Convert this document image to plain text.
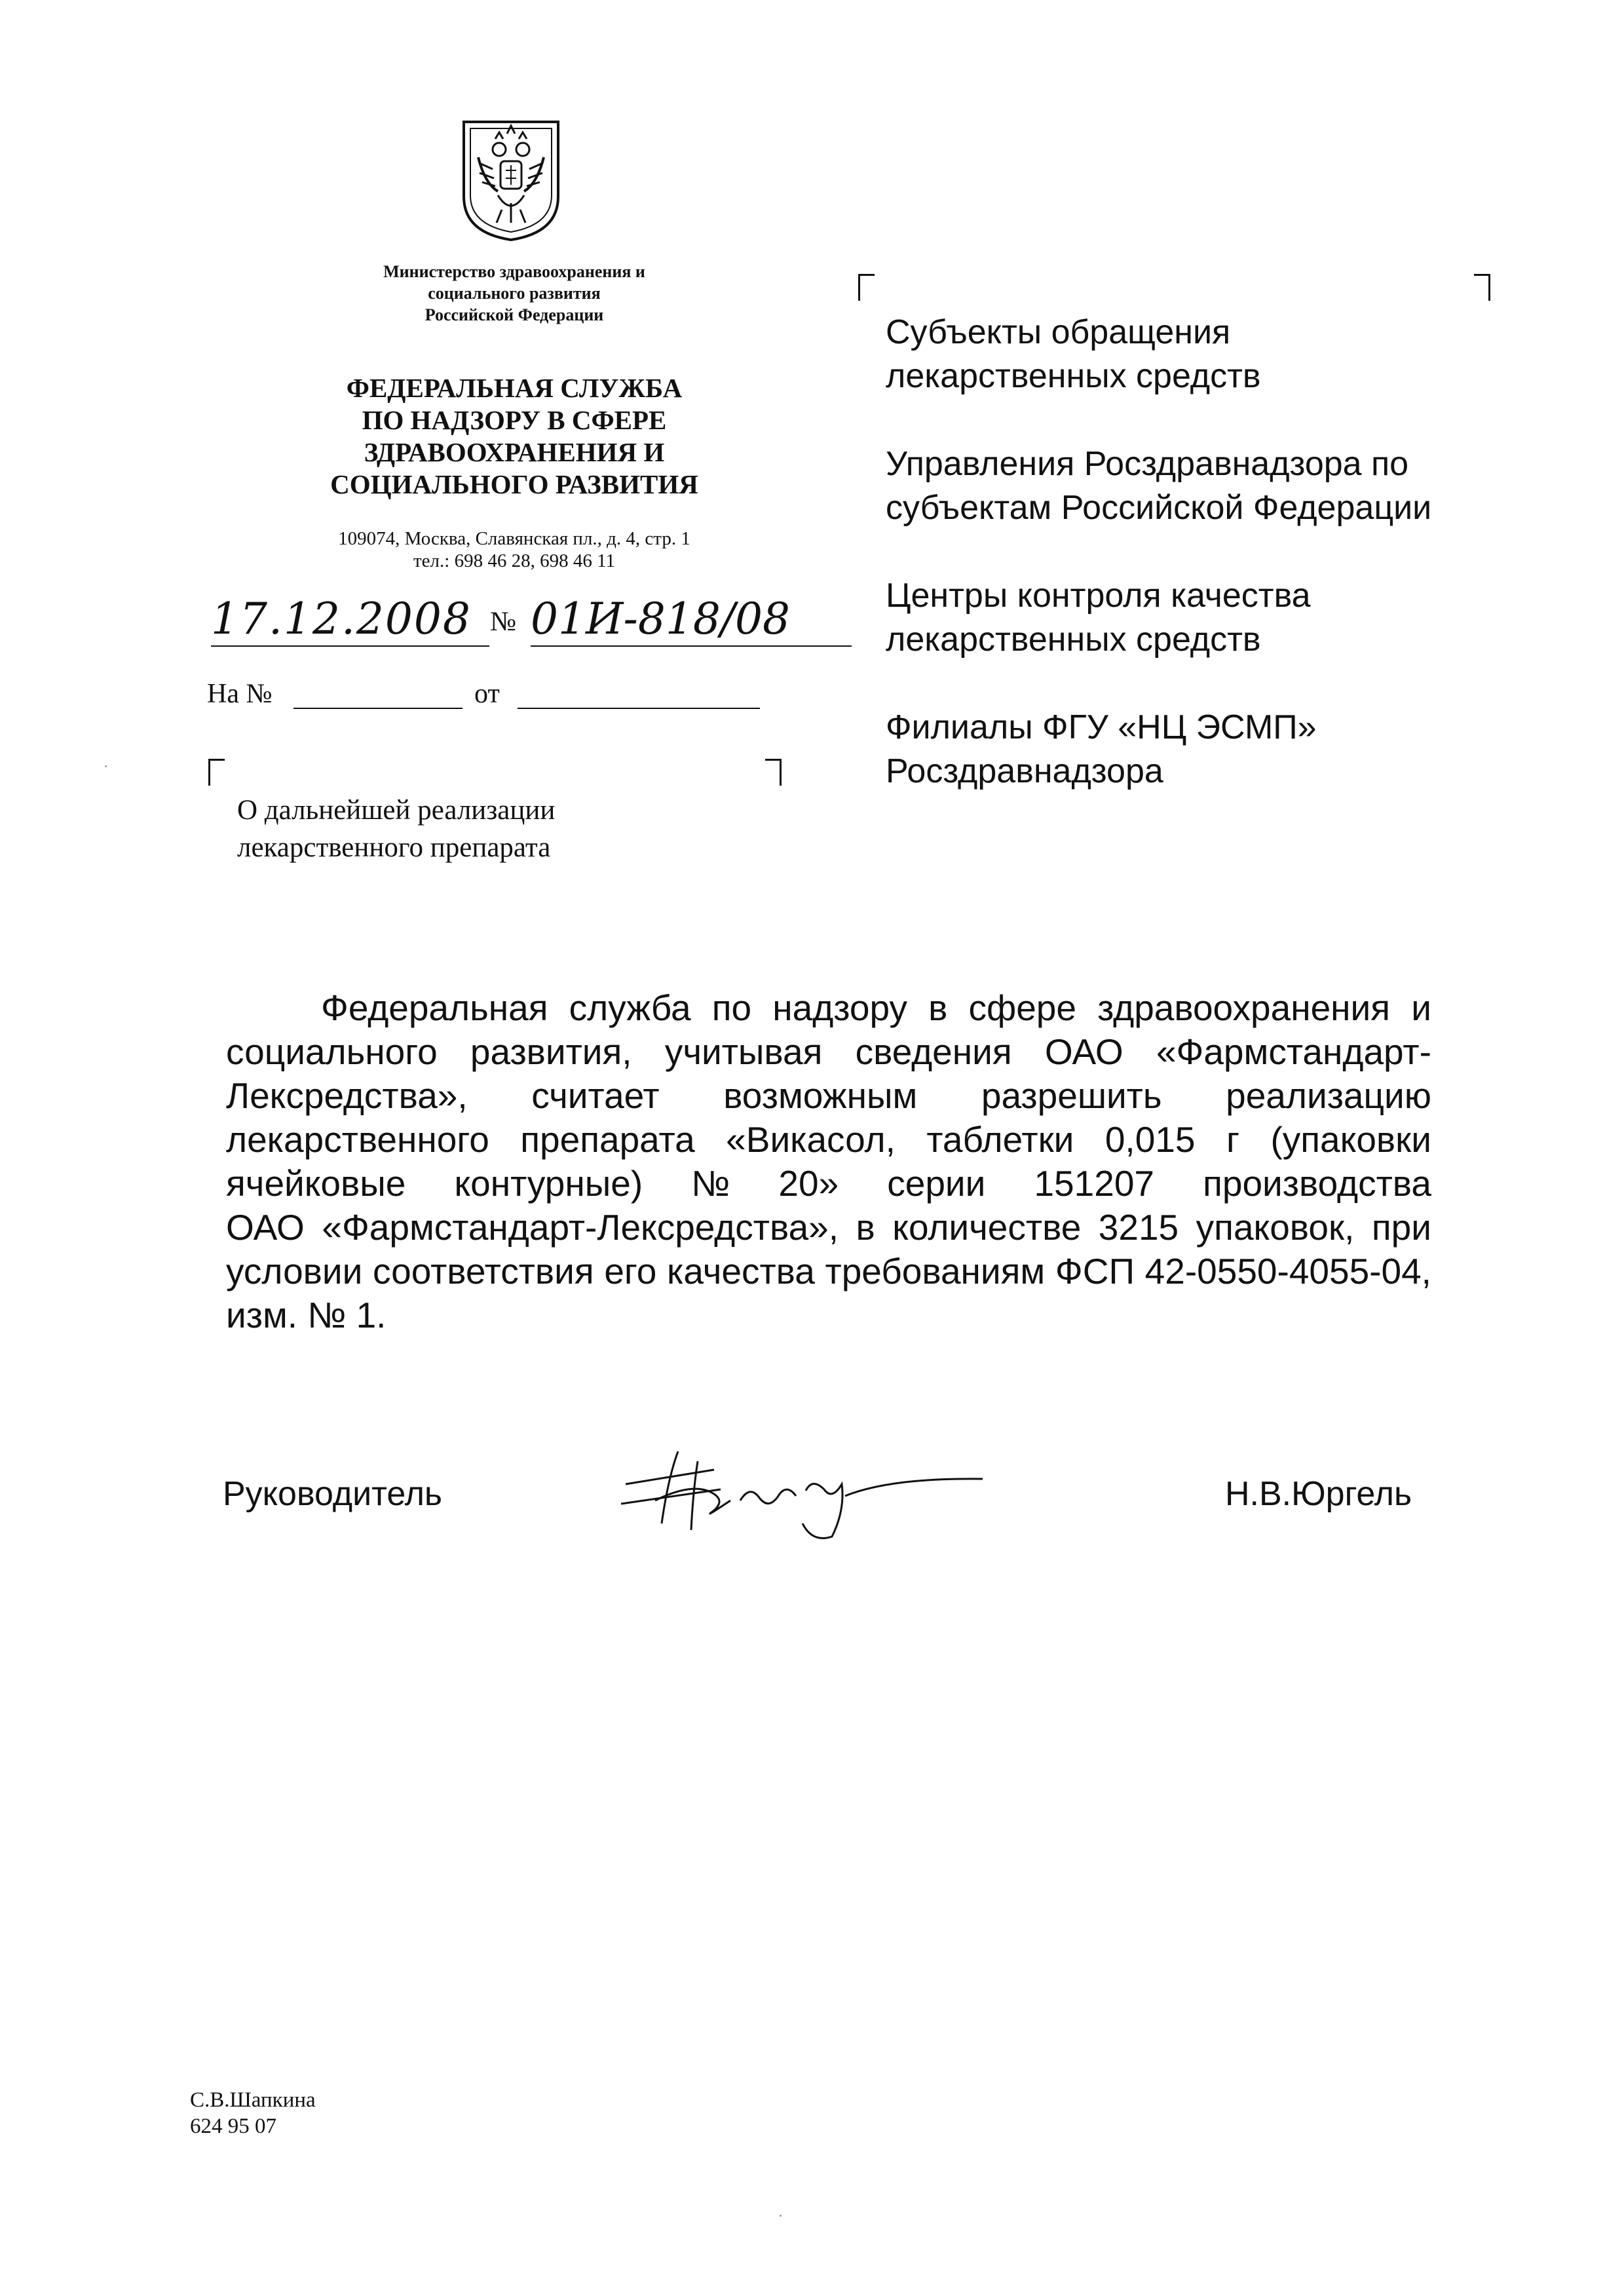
Министерство здравоохранения и
социального развития
Российской Федерации
ФЕДЕРАЛЬНАЯ СЛУЖБА
ПО НАДЗОРУ В СФЕРЕ
ЗДРАВООХРАНЕНИЯ И
СОЦИАЛЬНОГО РАЗВИТИЯ
109074, Москва, Славянская пл., д. 4, стр. 1
тел.: 698 46 28, 698 46 11
17.12.2008 № 01И-818/08
На №	от
О дальнейшей реализации
лекарственного препарата
Субъекты обращения
лекарственных средств
Управления Росздравнадзора по
субъектам Российской Федерации
Центры контроля качества
лекарственных средств
Филиалы ФГУ «НЦ ЭСМП»
Росздравнадзора
Федеральная служба по надзору в сфере здравоохранения и
социального развития, учитывая сведения ОАО «Фармстандарт-
Лексредства», считает возможным разрешить реализацию
лекарственного препарата «Викасол, таблетки 0,015 г (упаковки
ячейковые контурные) № 20» серии 151207 производства
ОАО «Фармстандарт-Лексредства», в количестве 3215 упаковок, при
условии соответствия его качества требованиям ФСП 42-0550-4055-04,
изм. № 1.
Руководитель	Н.В.Юргель
С.В.Шапкина
624 95 07
